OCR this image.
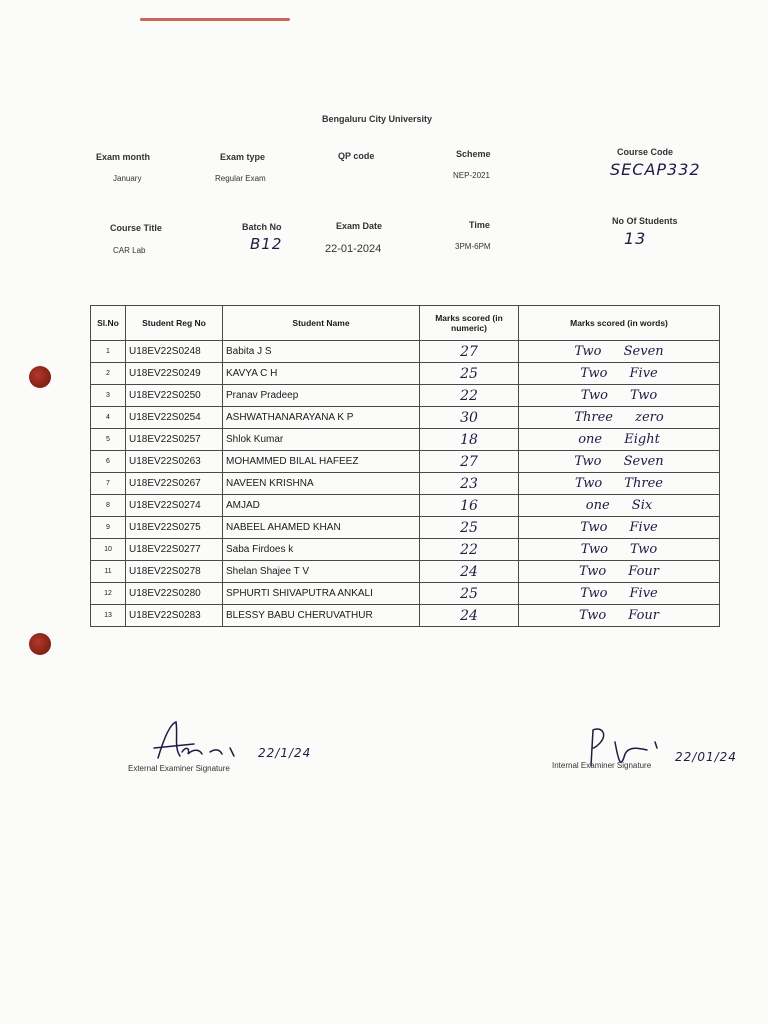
Bengaluru City University
Exam month
January
Exam type
Regular Exam
QP code	Scheme
NEP-2021
Course Code
SECAP332
Course Title
CAR Lab
Batch No
B12
Exam Date
22-01-2024
Time
3PM-6PM
No Of Students
13
Sl.No	Student Reg No	Student Name	Marks scored (in numeric)	Marks scored (in words)
1	U18EV22S0248	Babita J S	27	Two Seven
2	U18EV22S0249	KAVYA C H	25	Two Five
3	U18EV22S0250	Pranav Pradeep	22	Two Two
4	U18EV22S0254	ASHWATHANARAYANA K P	30	Three zero
5	U18EV22S0257	Shlok Kumar	18	one Eight
6	U18EV22S0263	MOHAMMED BILAL HAFEEZ	27	Two Seven
7	U18EV22S0267	NAVEEN KRISHNA	23	Two Three
8	U18EV22S0274	AMJAD	16	one Six
9	U18EV22S0275	NABEEL AHAMED KHAN	25	Two Five
10	U18EV22S0277	Saba Firdoes k	22	Two Two
11	U18EV22S0278	Shelan Shajee T V	24	Two Four
12	U18EV22S0280	SPHURTI SHIVAPUTRA ANKALI	25	Two Five
13	U18EV22S0283	BLESSY BABU CHERUVATHUR	24	Two Four
22/1/24
External Examiner Signature
22/01/24
Internal Examiner Signature
